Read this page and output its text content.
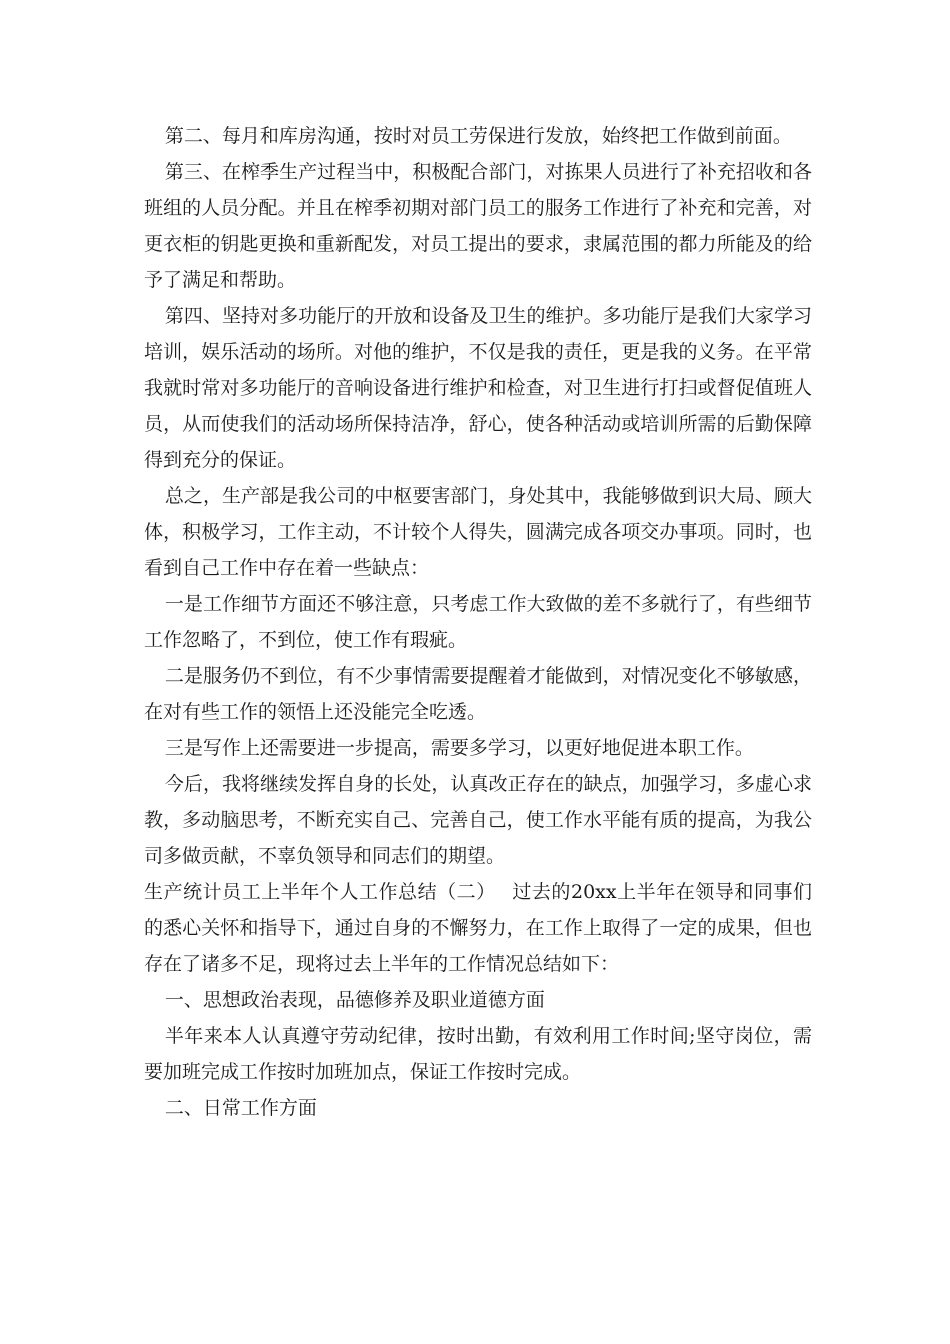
第二、每月和库房沟通，按时对员工劳保进行发放，始终把工作做到前面。

第三、在榨季生产过程当中，积极配合部门，对拣果人员进行了补充招收和各班组的人员分配。并且在榨季初期对部门员工的服务工作进行了补充和完善，对更衣柜的钥匙更换和重新配发，对员工提出的要求，隶属范围的都力所能及的给予了满足和帮助。

第四、坚持对多功能厅的开放和设备及卫生的维护。多功能厅是我们大家学习培训，娱乐活动的场所。对他的维护，不仅是我的责任，更是我的义务。在平常我就时常对多功能厅的音响设备进行维护和检查，对卫生进行打扫或督促值班人员，从而使我们的活动场所保持洁净，舒心，使各种活动或培训所需的后勤保障得到充分的保证。

总之，生产部是我公司的中枢要害部门，身处其中，我能够做到识大局、顾大体，积极学习，工作主动，不计较个人得失，圆满完成各项交办事项。同时，也看到自己工作中存在着一些缺点：

一是工作细节方面还不够注意，只考虑工作大致做的差不多就行了，有些细节工作忽略了，不到位，使工作有瑕疵。

二是服务仍不到位，有不少事情需要提醒着才能做到，对情况变化不够敏感，在对有些工作的领悟上还没能完全吃透。

三是写作上还需要进一步提高，需要多学习，以更好地促进本职工作。

今后，我将继续发挥自身的长处，认真改正存在的缺点，加强学习，多虚心求教，多动脑思考，不断充实自己、完善自己，使工作水平能有质的提高，为我公司多做贡献，不辜负领导和同志们的期望。

生产统计员工上半年个人工作总结（二）　 过去的20xx上半年在领导和同事们的悉心关怀和指导下，通过自身的不懈努力，在工作上取得了一定的成果，但也存在了诸多不足，现将过去上半年的工作情况总结如下：

一、思想政治表现，品德修养及职业道德方面

半年来本人认真遵守劳动纪律，按时出勤，有效利用工作时间;坚守岗位，需要加班完成工作按时加班加点，保证工作按时完成。

二、日常工作方面
